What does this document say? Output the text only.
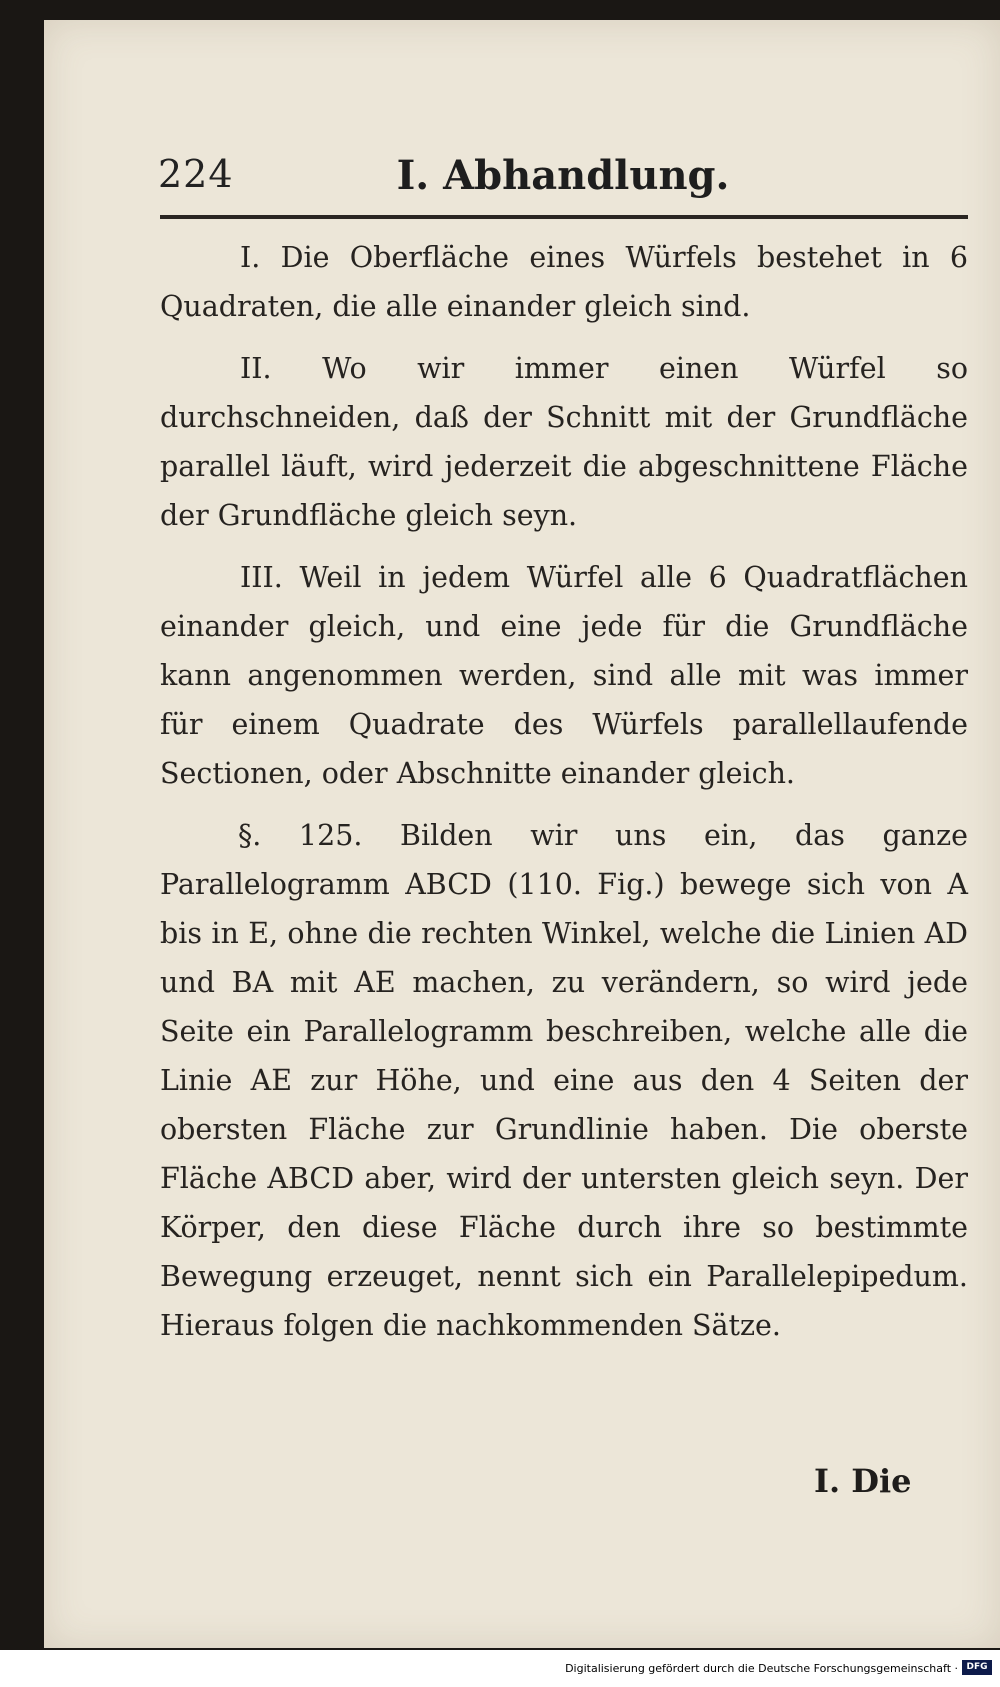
224	I. Abhandlung.

I. Die Oberfläche eines Würfels bestehet in 6 Quadraten, die alle einander gleich sind.

II. Wo wir immer einen Würfel so durchschneiden, daß der Schnitt mit der Grundfläche parallel läuft, wird jederzeit die abgeschnittene Fläche der Grundfläche gleich seyn.

III. Weil in jedem Würfel alle 6 Quadratflächen einander gleich, und eine jede für die Grundfläche kann angenommen werden, sind alle mit was immer für einem Quadrate des Würfels parallellaufende Sectionen, oder Abschnitte einander gleich.

§. 125. Bilden wir uns ein, das ganze Parallelogramm ABCD (110. Fig.) bewege sich von A bis in E, ohne die rechten Winkel, welche die Linien AD und BA mit AE machen, zu verändern, so wird jede Seite ein Parallelogramm beschreiben, welche alle die Linie AE zur Höhe, und eine aus den 4 Seiten der obersten Fläche zur Grundlinie haben. Die oberste Fläche ABCD aber, wird der untersten gleich seyn. Der Körper, den diese Fläche durch ihre so bestimmte Bewegung erzeuget, nennt sich ein Parallelepipedum. Hieraus folgen die nachkommenden Sätze.

I. Die
Digitalisierung gefördert durch die Deutsche Forschungsgemeinschaft · DFG
